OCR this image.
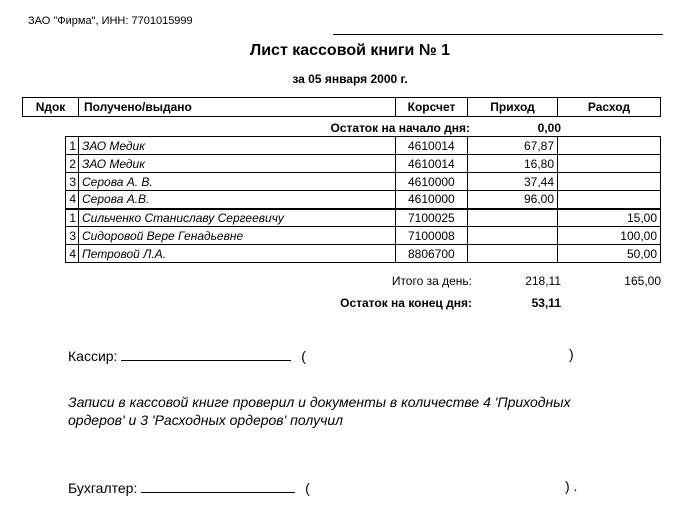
ЗАО "Фирма", ИНН: 7701015999
Лист кассовой книги № 1
за 05 января 2000 г.
Nдок	Получено/выдано	Корсчет	Приход	Расход
Остаток на начало дня:	0,00
1	ЗАО Медик	4610014	67,87	
2	ЗАО Медик	4610014	16,80	
3	Серова А. В.	4610000	37,44	
4	Серова А.В.	4610000	96,00	
1	Сильченко Станиславу Сергеевичу	7100025		15,00
3	Сидоровой Вере Генадьевне	7100008		100,00
4	Петровой Л.А.	8806700		50,00
Итого за день:	218,11	165,00
Остаток на конец дня:	53,11
Кассир:	(	)
Записи в кассовой книге проверил и документы в количестве 4 'Приходных ордеров' и 3 'Расходных ордеров' получил
Бухгалтер:	(	) .
